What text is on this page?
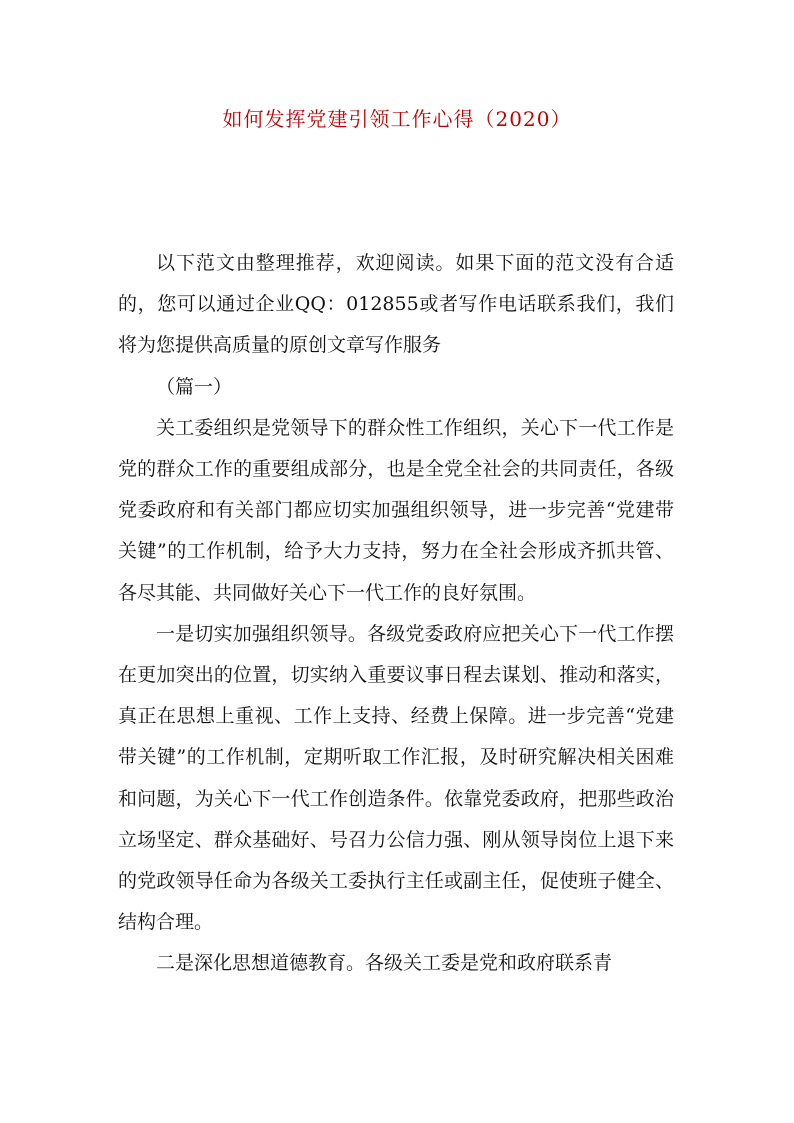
如何发挥党建引领工作心得（2020）

以下范文由整理推荐，欢迎阅读。如果下面的范文没有合适的，您可以通过企业QQ：012855或者写作电话联系我们，我们将为您提供高质量的原创文章写作服务

（篇一）

关工委组织是党领导下的群众性工作组织，关心下一代工作是党的群众工作的重要组成部分，也是全党全社会的共同责任，各级党委政府和有关部门都应切实加强组织领导，进一步完善“党建带关键”的工作机制，给予大力支持，努力在全社会形成齐抓共管、各尽其能、共同做好关心下一代工作的良好氛围。

一是切实加强组织领导。各级党委政府应把关心下一代工作摆在更加突出的位置，切实纳入重要议事日程去谋划、推动和落实，真正在思想上重视、工作上支持、经费上保障。进一步完善“党建带关键”的工作机制，定期听取工作汇报，及时研究解决相关困难和问题，为关心下一代工作创造条件。依靠党委政府，把那些政治立场坚定、群众基础好、号召力公信力强、刚从领导岗位上退下来的党政领导任命为各级关工委执行主任或副主任，促使班子健全、结构合理。

二是深化思想道德教育。各级关工委是党和政府联系青
